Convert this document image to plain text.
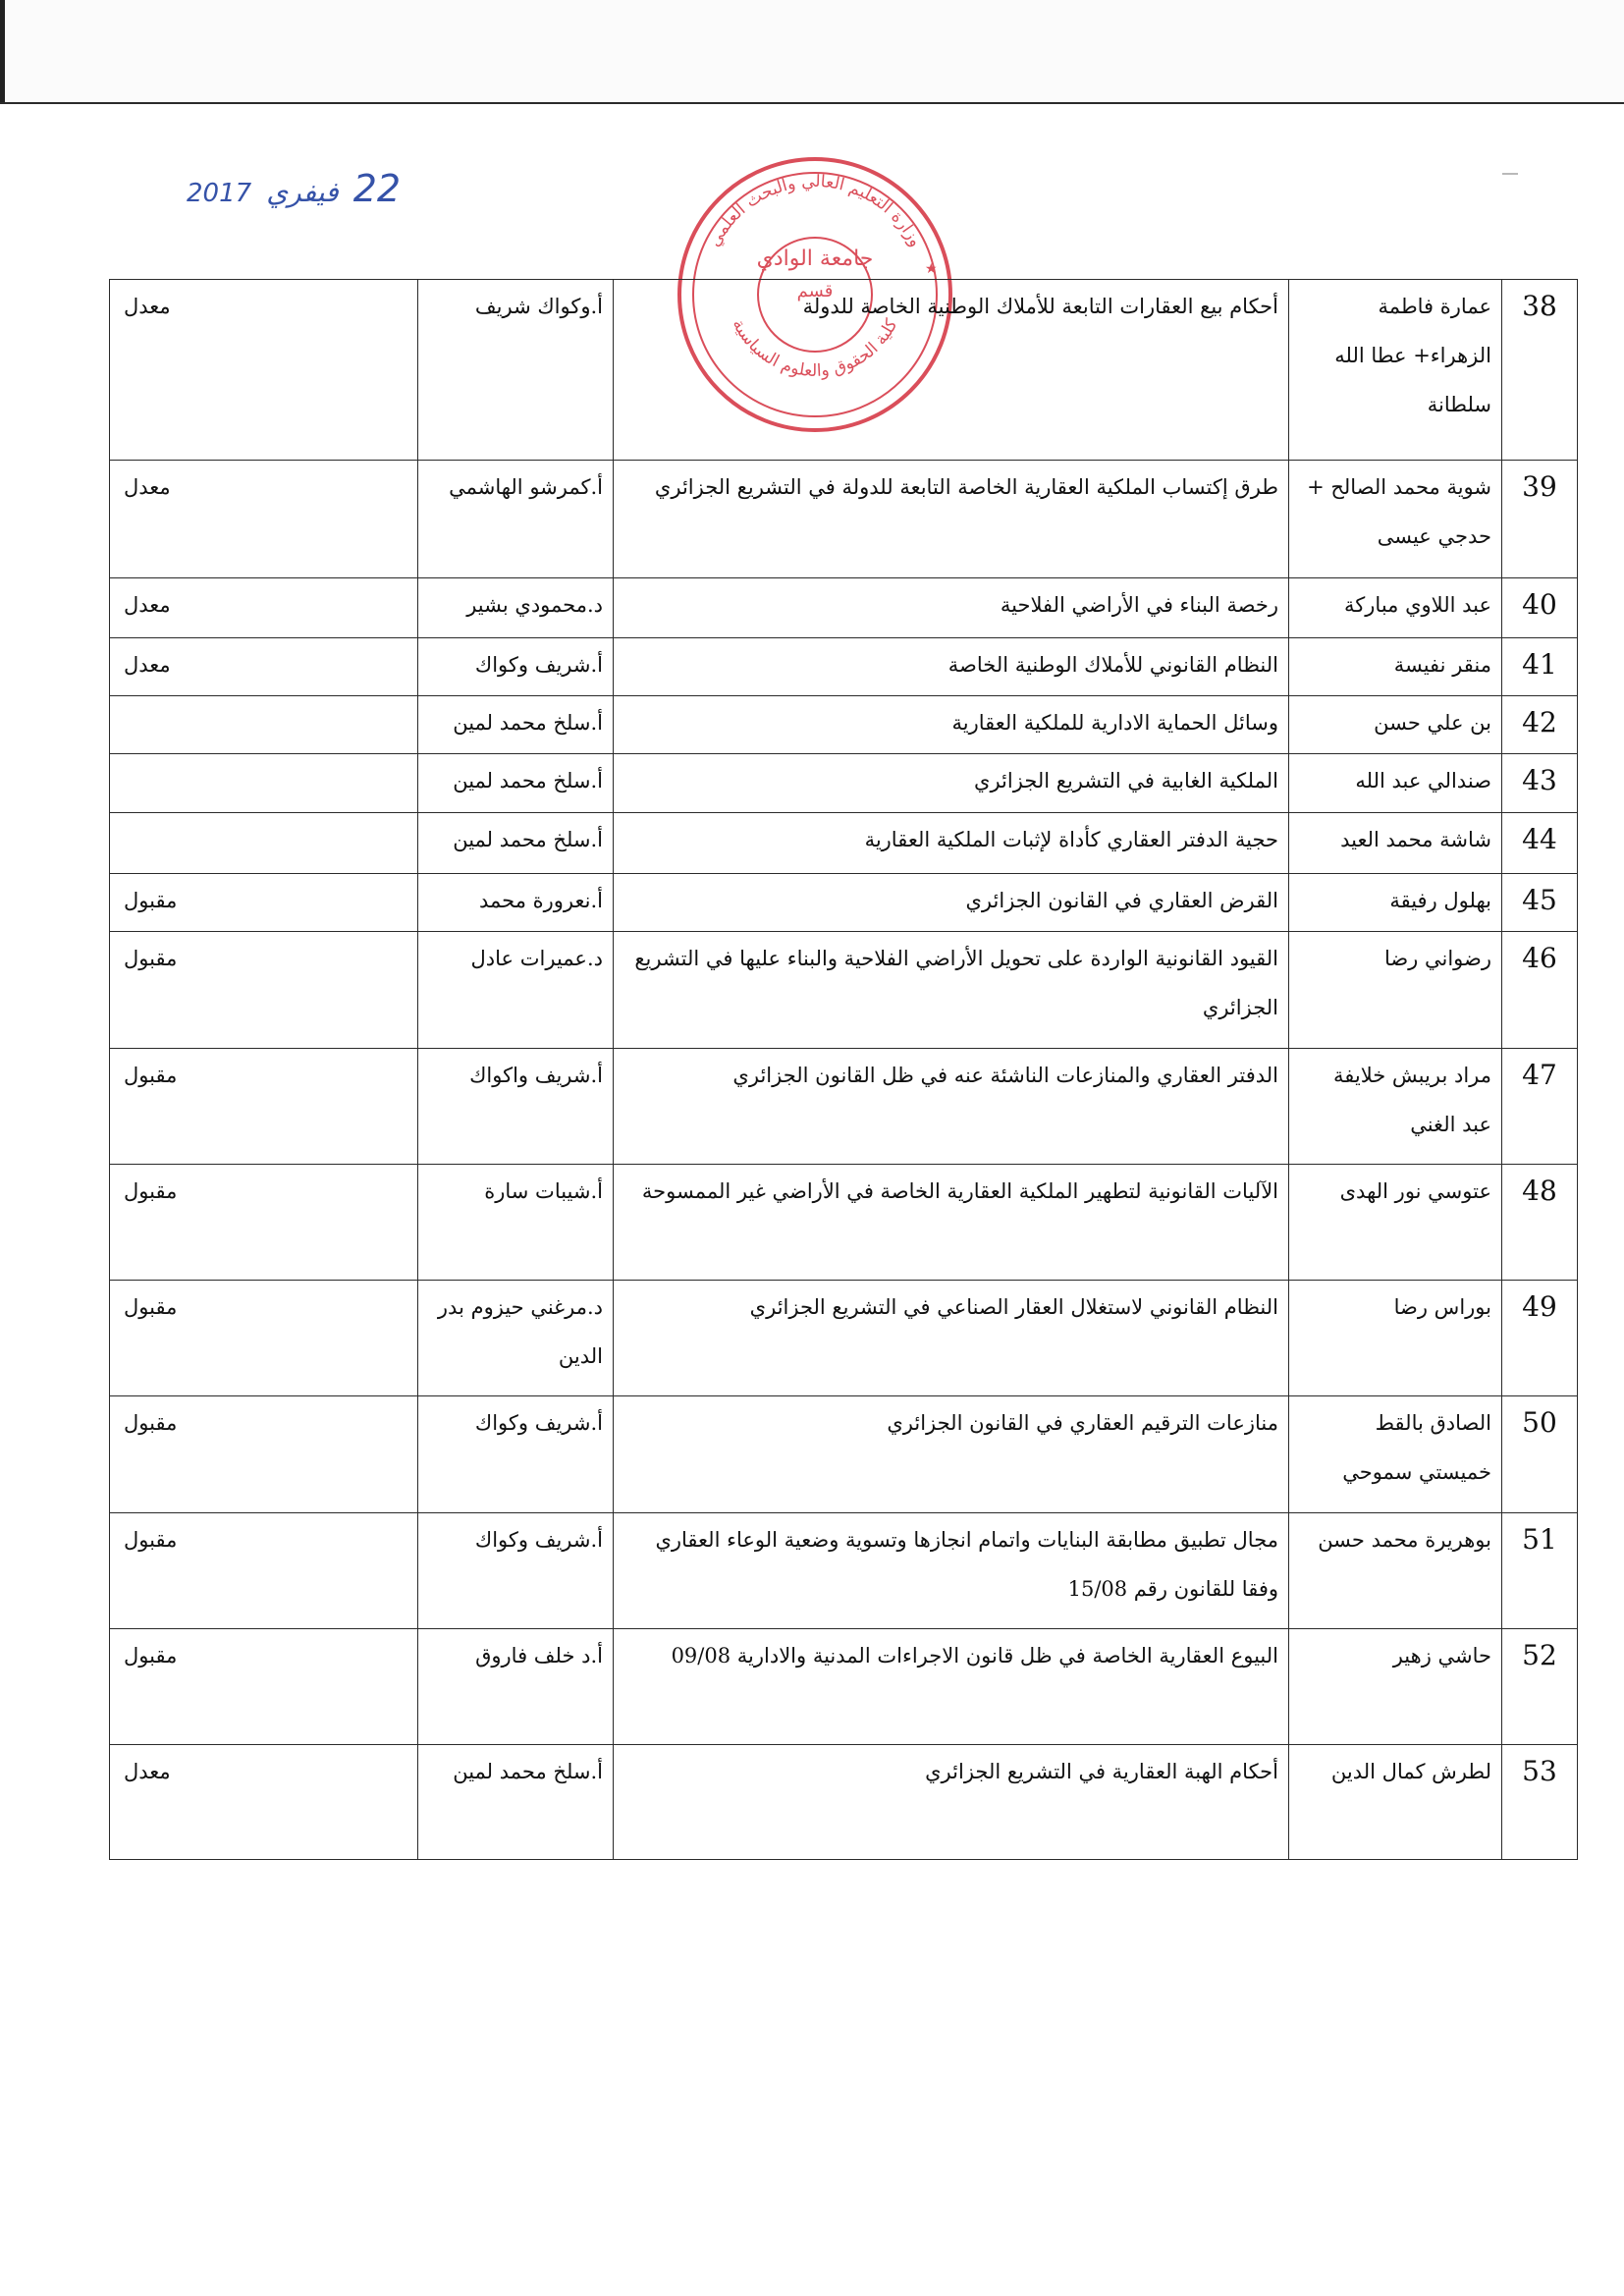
22 فيفري 2017
وزارة التعليم العالي والبحث العلمي
جامعة الوادي
قسم
كلية الحقوق والعلوم السياسية
★
38	عمارة فاطمة الزهراء+ عطا الله سلطانة	أحكام بيع العقارات التابعة للأملاك الوطنية الخاصة للدولة	أ.وكواك شريف	معدل
39	شوية محمد الصالح + حدجي عيسى	طرق إكتساب الملكية العقارية الخاصة التابعة للدولة في التشريع الجزائري	أ.كمرشو الهاشمي	معدل
40	عبد اللاوي مباركة	رخصة البناء في الأراضي الفلاحية	د.محمودي بشير	معدل
41	منقر نفيسة	النظام القانوني للأملاك الوطنية الخاصة	أ.شريف وكواك	معدل
42	بن علي حسن	وسائل الحماية الادارية للملكية العقارية	أ.سلخ محمد لمين	
43	صندالي عبد الله	الملكية الغابية في التشريع الجزائري	أ.سلخ محمد لمين	
44	شاشة محمد العيد	حجية الدفتر العقاري كأداة لإثبات الملكية العقارية	أ.سلخ محمد لمين	
45	بهلول رفيقة	القرض العقاري في القانون الجزائري	أ.نعرورة محمد	مقبول
46	رضواني رضا	القيود القانونية الواردة على تحويل الأراضي الفلاحية والبناء عليها في التشريع الجزائري	د.عميرات عادل	مقبول
47	مراد بريبش خلايفة عبد الغني	الدفتر العقاري والمنازعات الناشئة عنه في ظل القانون الجزائري	أ.شريف واكواك	مقبول
48	عتوسي نور الهدى	الآليات القانونية لتطهير الملكية العقارية الخاصة في الأراضي غير الممسوحة	أ.شيبات سارة	مقبول
49	بوراس رضا	النظام القانوني لاستغلال العقار الصناعي في التشريع الجزائري	د.مرغني حيزوم بدر الدين	مقبول
50	الصادق بالقط خميستي سموحي	منازعات الترقيم العقاري في القانون الجزائري	أ.شريف وكواك	مقبول
51	بوهريرة محمد حسن	مجال تطبيق مطابقة البنايات واتمام انجازها وتسوية وضعية الوعاء العقاري وفقا للقانون رقم 15/08	أ.شريف وكواك	مقبول
52	حاشي زهير	البيوع العقارية الخاصة في ظل قانون الاجراءات المدنية والادارية 09/08	أ.د خلف فاروق	مقبول
53	لطرش كمال الدين	أحكام الهبة العقارية في التشريع الجزائري	أ.سلخ محمد لمين	معدل
